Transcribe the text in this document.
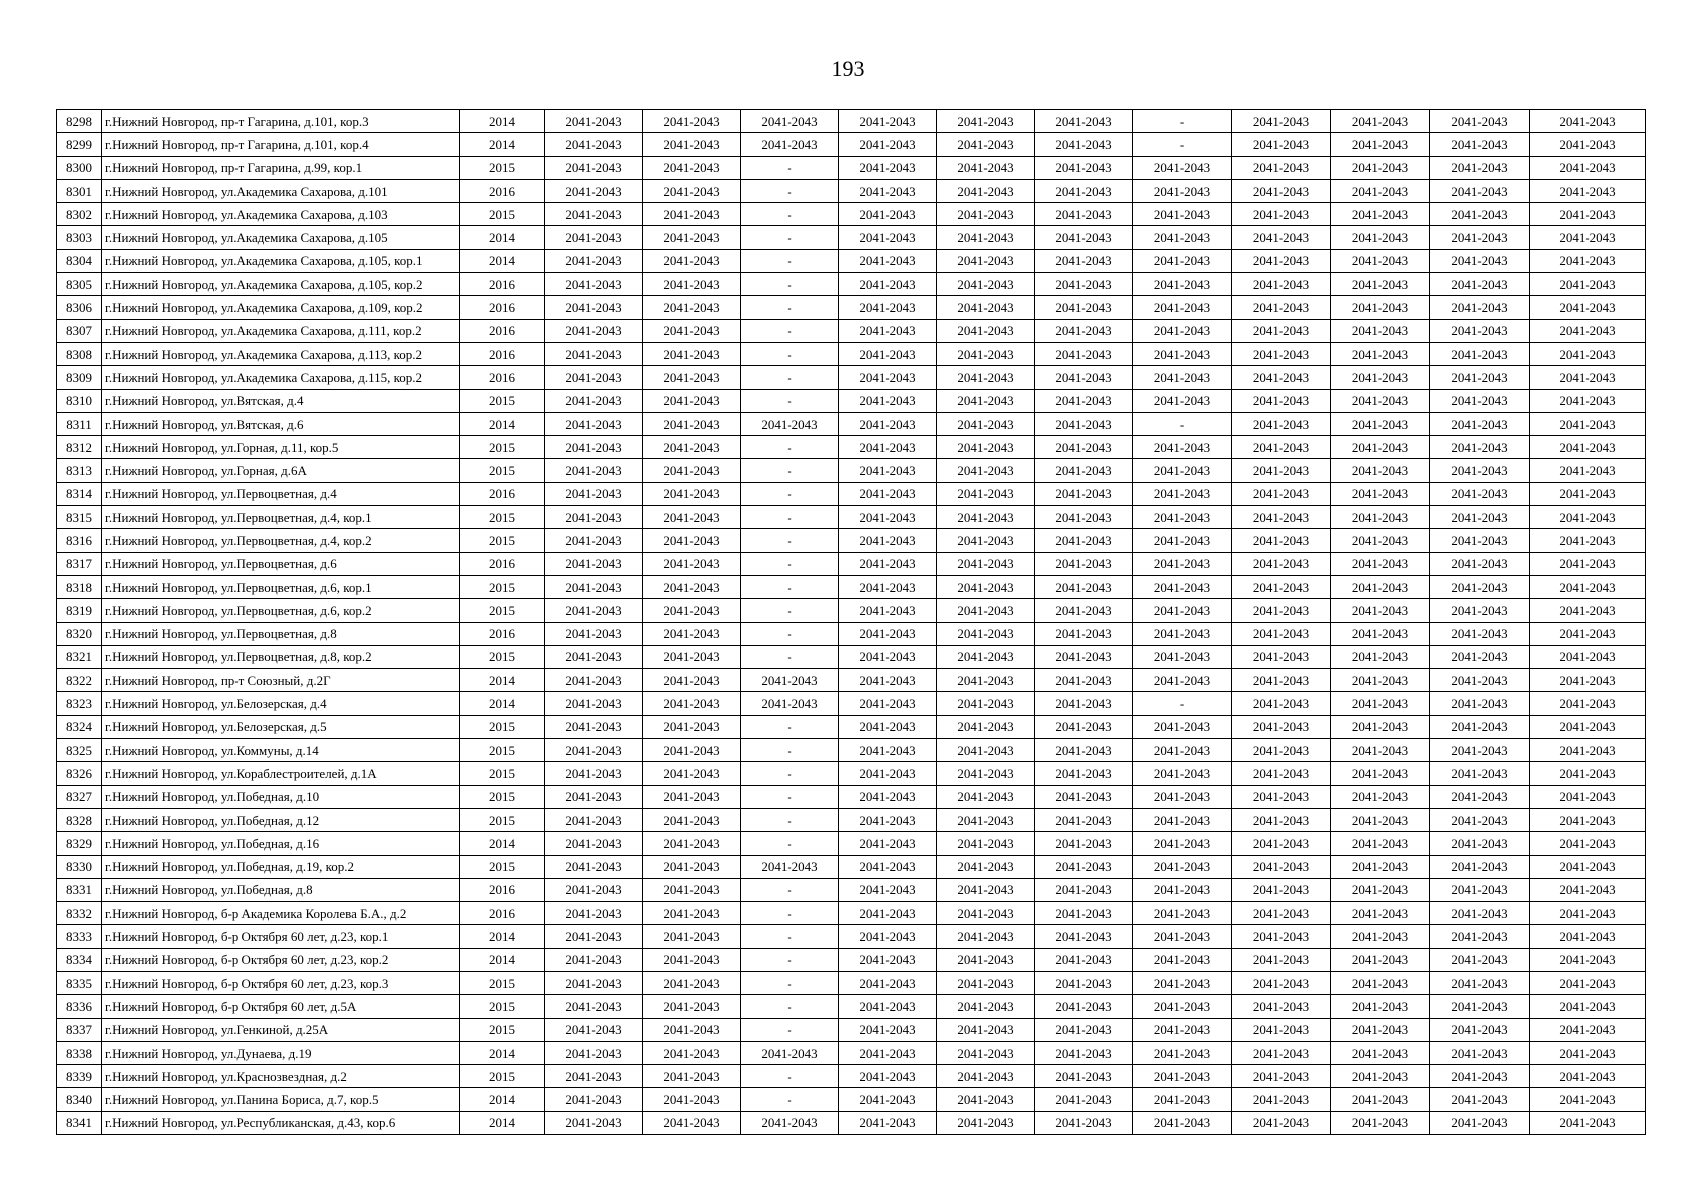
193
8298	г.Нижний Новгород, пр-т Гагарина, д.101, кор.3	2014	2041-2043	2041-2043	2041-2043	2041-2043	2041-2043	2041-2043	-	2041-2043	2041-2043	2041-2043	2041-2043
8299	г.Нижний Новгород, пр-т Гагарина, д.101, кор.4	2014	2041-2043	2041-2043	2041-2043	2041-2043	2041-2043	2041-2043	-	2041-2043	2041-2043	2041-2043	2041-2043
8300	г.Нижний Новгород, пр-т Гагарина, д.99, кор.1	2015	2041-2043	2041-2043	-	2041-2043	2041-2043	2041-2043	2041-2043	2041-2043	2041-2043	2041-2043	2041-2043
8301	г.Нижний Новгород, ул.Академика Сахарова, д.101	2016	2041-2043	2041-2043	-	2041-2043	2041-2043	2041-2043	2041-2043	2041-2043	2041-2043	2041-2043	2041-2043
8302	г.Нижний Новгород, ул.Академика Сахарова, д.103	2015	2041-2043	2041-2043	-	2041-2043	2041-2043	2041-2043	2041-2043	2041-2043	2041-2043	2041-2043	2041-2043
8303	г.Нижний Новгород, ул.Академика Сахарова, д.105	2014	2041-2043	2041-2043	-	2041-2043	2041-2043	2041-2043	2041-2043	2041-2043	2041-2043	2041-2043	2041-2043
8304	г.Нижний Новгород, ул.Академика Сахарова, д.105, кор.1	2014	2041-2043	2041-2043	-	2041-2043	2041-2043	2041-2043	2041-2043	2041-2043	2041-2043	2041-2043	2041-2043
8305	г.Нижний Новгород, ул.Академика Сахарова, д.105, кор.2	2016	2041-2043	2041-2043	-	2041-2043	2041-2043	2041-2043	2041-2043	2041-2043	2041-2043	2041-2043	2041-2043
8306	г.Нижний Новгород, ул.Академика Сахарова, д.109, кор.2	2016	2041-2043	2041-2043	-	2041-2043	2041-2043	2041-2043	2041-2043	2041-2043	2041-2043	2041-2043	2041-2043
8307	г.Нижний Новгород, ул.Академика Сахарова, д.111, кор.2	2016	2041-2043	2041-2043	-	2041-2043	2041-2043	2041-2043	2041-2043	2041-2043	2041-2043	2041-2043	2041-2043
8308	г.Нижний Новгород, ул.Академика Сахарова, д.113, кор.2	2016	2041-2043	2041-2043	-	2041-2043	2041-2043	2041-2043	2041-2043	2041-2043	2041-2043	2041-2043	2041-2043
8309	г.Нижний Новгород, ул.Академика Сахарова, д.115, кор.2	2016	2041-2043	2041-2043	-	2041-2043	2041-2043	2041-2043	2041-2043	2041-2043	2041-2043	2041-2043	2041-2043
8310	г.Нижний Новгород, ул.Вятская, д.4	2015	2041-2043	2041-2043	-	2041-2043	2041-2043	2041-2043	2041-2043	2041-2043	2041-2043	2041-2043	2041-2043
8311	г.Нижний Новгород, ул.Вятская, д.6	2014	2041-2043	2041-2043	2041-2043	2041-2043	2041-2043	2041-2043	-	2041-2043	2041-2043	2041-2043	2041-2043
8312	г.Нижний Новгород, ул.Горная, д.11, кор.5	2015	2041-2043	2041-2043	-	2041-2043	2041-2043	2041-2043	2041-2043	2041-2043	2041-2043	2041-2043	2041-2043
8313	г.Нижний Новгород, ул.Горная, д.6А	2015	2041-2043	2041-2043	-	2041-2043	2041-2043	2041-2043	2041-2043	2041-2043	2041-2043	2041-2043	2041-2043
8314	г.Нижний Новгород, ул.Первоцветная, д.4	2016	2041-2043	2041-2043	-	2041-2043	2041-2043	2041-2043	2041-2043	2041-2043	2041-2043	2041-2043	2041-2043
8315	г.Нижний Новгород, ул.Первоцветная, д.4, кор.1	2015	2041-2043	2041-2043	-	2041-2043	2041-2043	2041-2043	2041-2043	2041-2043	2041-2043	2041-2043	2041-2043
8316	г.Нижний Новгород, ул.Первоцветная, д.4, кор.2	2015	2041-2043	2041-2043	-	2041-2043	2041-2043	2041-2043	2041-2043	2041-2043	2041-2043	2041-2043	2041-2043
8317	г.Нижний Новгород, ул.Первоцветная, д.6	2016	2041-2043	2041-2043	-	2041-2043	2041-2043	2041-2043	2041-2043	2041-2043	2041-2043	2041-2043	2041-2043
8318	г.Нижний Новгород, ул.Первоцветная, д.6, кор.1	2015	2041-2043	2041-2043	-	2041-2043	2041-2043	2041-2043	2041-2043	2041-2043	2041-2043	2041-2043	2041-2043
8319	г.Нижний Новгород, ул.Первоцветная, д.6, кор.2	2015	2041-2043	2041-2043	-	2041-2043	2041-2043	2041-2043	2041-2043	2041-2043	2041-2043	2041-2043	2041-2043
8320	г.Нижний Новгород, ул.Первоцветная, д.8	2016	2041-2043	2041-2043	-	2041-2043	2041-2043	2041-2043	2041-2043	2041-2043	2041-2043	2041-2043	2041-2043
8321	г.Нижний Новгород, ул.Первоцветная, д.8, кор.2	2015	2041-2043	2041-2043	-	2041-2043	2041-2043	2041-2043	2041-2043	2041-2043	2041-2043	2041-2043	2041-2043
8322	г.Нижний Новгород, пр-т Союзный, д.2Г	2014	2041-2043	2041-2043	2041-2043	2041-2043	2041-2043	2041-2043	2041-2043	2041-2043	2041-2043	2041-2043	2041-2043
8323	г.Нижний Новгород, ул.Белозерская, д.4	2014	2041-2043	2041-2043	2041-2043	2041-2043	2041-2043	2041-2043	-	2041-2043	2041-2043	2041-2043	2041-2043
8324	г.Нижний Новгород, ул.Белозерская, д.5	2015	2041-2043	2041-2043	-	2041-2043	2041-2043	2041-2043	2041-2043	2041-2043	2041-2043	2041-2043	2041-2043
8325	г.Нижний Новгород, ул.Коммуны, д.14	2015	2041-2043	2041-2043	-	2041-2043	2041-2043	2041-2043	2041-2043	2041-2043	2041-2043	2041-2043	2041-2043
8326	г.Нижний Новгород, ул.Кораблестроителей, д.1А	2015	2041-2043	2041-2043	-	2041-2043	2041-2043	2041-2043	2041-2043	2041-2043	2041-2043	2041-2043	2041-2043
8327	г.Нижний Новгород, ул.Победная, д.10	2015	2041-2043	2041-2043	-	2041-2043	2041-2043	2041-2043	2041-2043	2041-2043	2041-2043	2041-2043	2041-2043
8328	г.Нижний Новгород, ул.Победная, д.12	2015	2041-2043	2041-2043	-	2041-2043	2041-2043	2041-2043	2041-2043	2041-2043	2041-2043	2041-2043	2041-2043
8329	г.Нижний Новгород, ул.Победная, д.16	2014	2041-2043	2041-2043	-	2041-2043	2041-2043	2041-2043	2041-2043	2041-2043	2041-2043	2041-2043	2041-2043
8330	г.Нижний Новгород, ул.Победная, д.19, кор.2	2015	2041-2043	2041-2043	2041-2043	2041-2043	2041-2043	2041-2043	2041-2043	2041-2043	2041-2043	2041-2043	2041-2043
8331	г.Нижний Новгород, ул.Победная, д.8	2016	2041-2043	2041-2043	-	2041-2043	2041-2043	2041-2043	2041-2043	2041-2043	2041-2043	2041-2043	2041-2043
8332	г.Нижний Новгород, б-р Академика Королева Б.А., д.2	2016	2041-2043	2041-2043	-	2041-2043	2041-2043	2041-2043	2041-2043	2041-2043	2041-2043	2041-2043	2041-2043
8333	г.Нижний Новгород, б-р Октября 60 лет, д.23, кор.1	2014	2041-2043	2041-2043	-	2041-2043	2041-2043	2041-2043	2041-2043	2041-2043	2041-2043	2041-2043	2041-2043
8334	г.Нижний Новгород, б-р Октября 60 лет, д.23, кор.2	2014	2041-2043	2041-2043	-	2041-2043	2041-2043	2041-2043	2041-2043	2041-2043	2041-2043	2041-2043	2041-2043
8335	г.Нижний Новгород, б-р Октября 60 лет, д.23, кор.3	2015	2041-2043	2041-2043	-	2041-2043	2041-2043	2041-2043	2041-2043	2041-2043	2041-2043	2041-2043	2041-2043
8336	г.Нижний Новгород, б-р Октября 60 лет, д.5А	2015	2041-2043	2041-2043	-	2041-2043	2041-2043	2041-2043	2041-2043	2041-2043	2041-2043	2041-2043	2041-2043
8337	г.Нижний Новгород, ул.Генкиной, д.25А	2015	2041-2043	2041-2043	-	2041-2043	2041-2043	2041-2043	2041-2043	2041-2043	2041-2043	2041-2043	2041-2043
8338	г.Нижний Новгород, ул.Дунаева, д.19	2014	2041-2043	2041-2043	2041-2043	2041-2043	2041-2043	2041-2043	2041-2043	2041-2043	2041-2043	2041-2043	2041-2043
8339	г.Нижний Новгород, ул.Краснозвездная, д.2	2015	2041-2043	2041-2043	-	2041-2043	2041-2043	2041-2043	2041-2043	2041-2043	2041-2043	2041-2043	2041-2043
8340	г.Нижний Новгород, ул.Панина Бориса, д.7, кор.5	2014	2041-2043	2041-2043	-	2041-2043	2041-2043	2041-2043	2041-2043	2041-2043	2041-2043	2041-2043	2041-2043
8341	г.Нижний Новгород, ул.Республиканская, д.43, кор.6	2014	2041-2043	2041-2043	2041-2043	2041-2043	2041-2043	2041-2043	2041-2043	2041-2043	2041-2043	2041-2043	2041-2043
